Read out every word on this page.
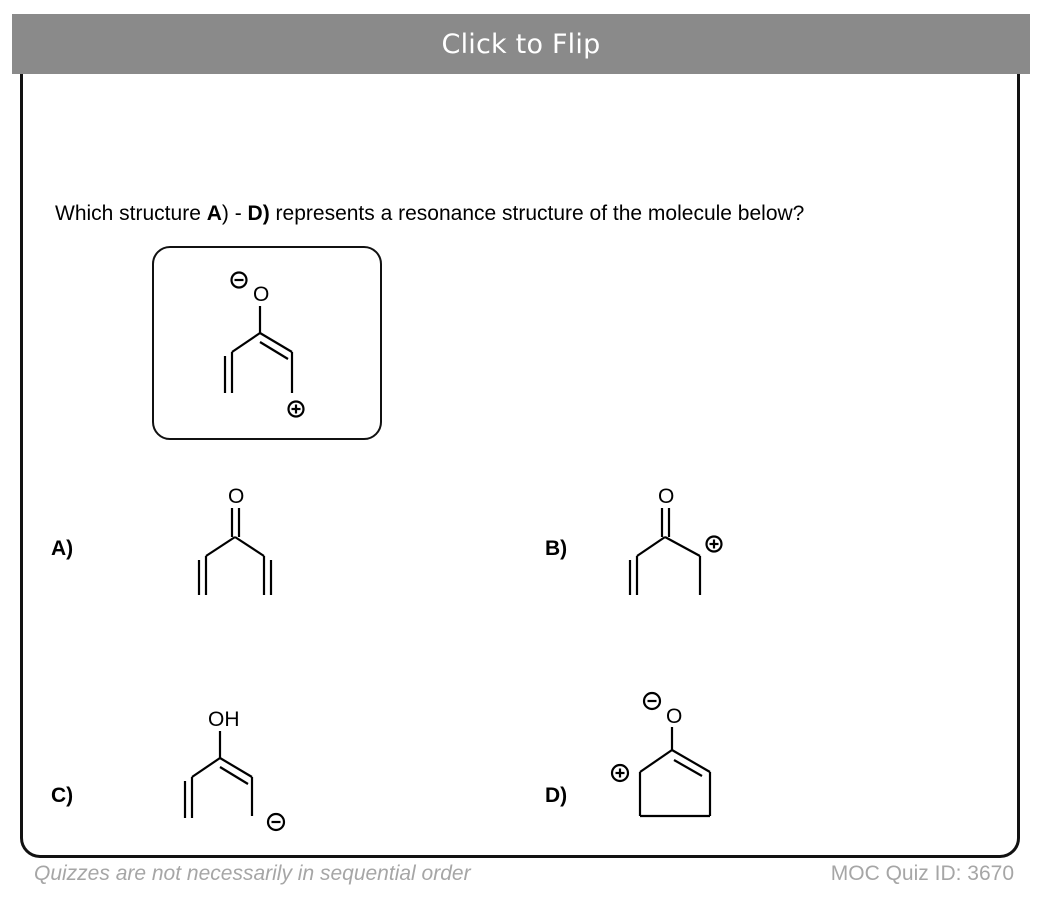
Click to Flip
Which structure A) - D) represents a resonance structure of the molecule below?
O
A)
O
B)
O
C)
OH
D)
O
Quizzes are not necessarily in sequential order	MOC Quiz ID: 3670
